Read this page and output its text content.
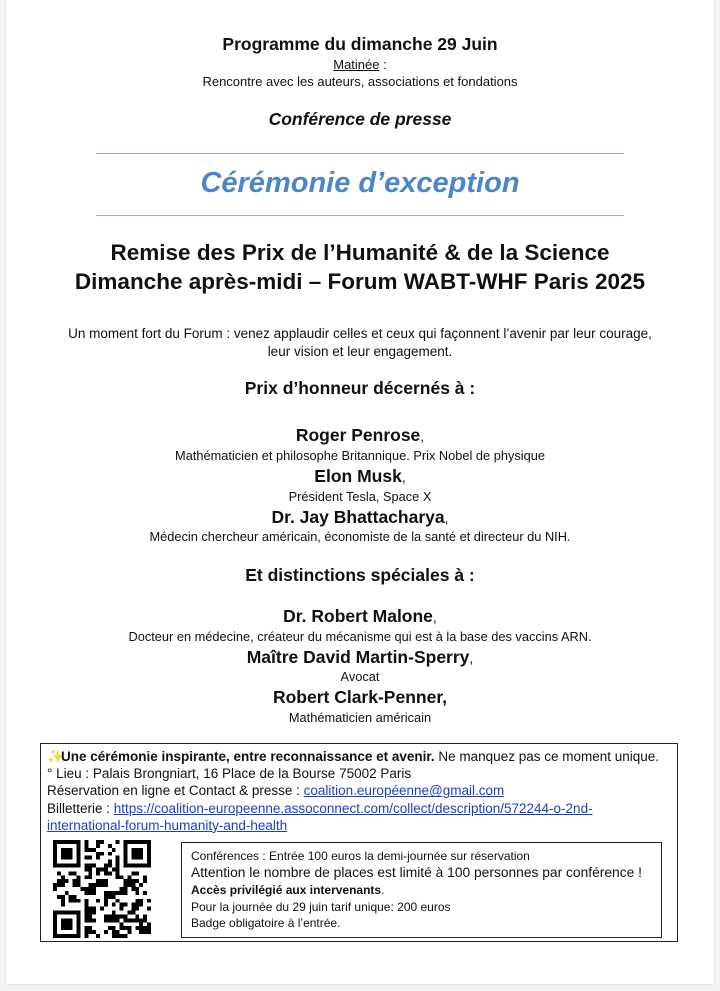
Programme du dimanche 29 Juin
Matinée :
Rencontre avec les auteurs, associations et fondations
Conférence de presse
Cérémonie d’exception
Remise des Prix de l’Humanité & de la Science
Dimanche après-midi – Forum WABT-WHF Paris 2025
Un moment fort du Forum : venez applaudir celles et ceux qui façonnent l’avenir par leur courage,
leur vision et leur engagement.
Prix d’honneur décernés à :
Roger Penrose,
Mathématicien et philosophe Britannique. Prix Nobel de physique
Elon Musk,
Président Tesla, Space X
Dr. Jay Bhattacharya,
Médecin chercheur américain, économiste de la santé et directeur du NIH.
Et distinctions spéciales à :
Dr. Robert Malone,
Docteur en médecine, créateur du mécanisme qui est à la base des vaccins ARN.
Maître David Martin-Sperry,
Avocat
Robert Clark-Penner,
Mathématicien américain
✨Une cérémonie inspirante, entre reconnaissance et avenir. Ne manquez pas ce moment unique.
° Lieu : Palais Brongniart, 16 Place de la Bourse 75002 Paris
Réservation en ligne et Contact & presse : coalition.européenne@gmail.com
Billetterie : https://coalition-europeenne.assoconnect.com/collect/description/572244-o-2nd-
international-forum-humanity-and-health
Conférences : Entrée 100 euros la demi-journée sur réservation
Attention le nombre de places est limité à 100 personnes par conférence !
Accès privilégié aux intervenants.
Pour la journée du 29 juin tarif unique: 200 euros
Badge obligatoire à l’entrée.
